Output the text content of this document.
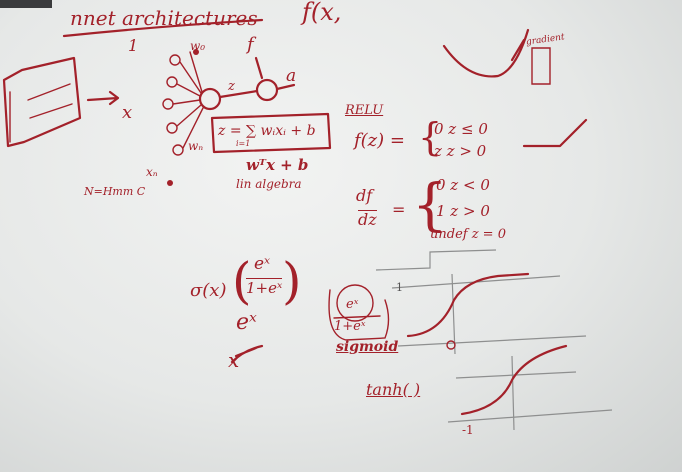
nnet architectures f(x,
1	w₀
x
f
z
a
wₙ
xₙ
N=Hmm C
z = ∑ wᵢxᵢ + b
i=1
wᵀx + b
lin algebra
RELU
f(z) = {
0 z ≤ 0
z z > 0
df
dz
= {
0 z < 0
1 z > 0
undef z = 0
σ(x) ( eˣ
1+eˣ )
eˣ
x
eˣ
1+eˣ
sigmoid
1
tanh( )
-1
gradient
